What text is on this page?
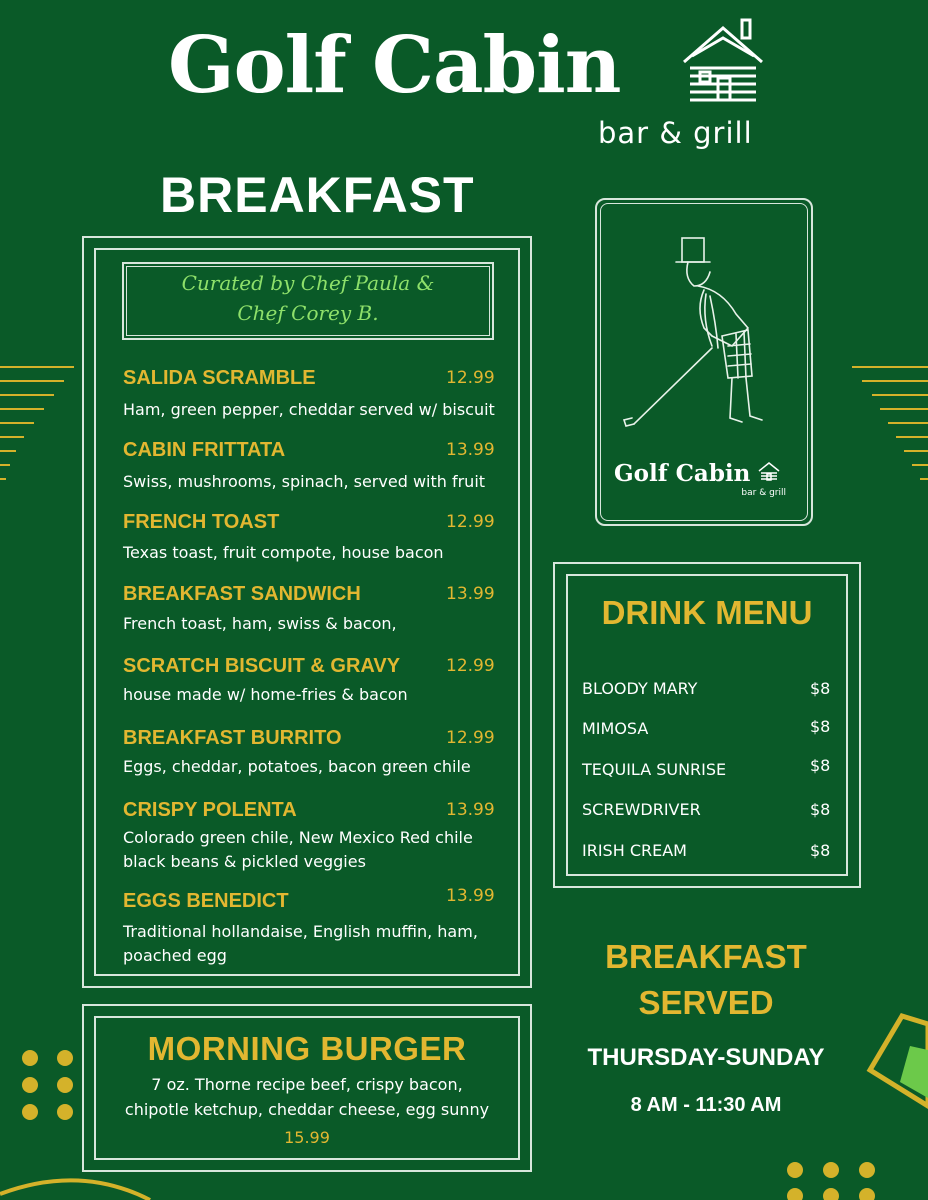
Golf Cabin
bar & grill
BREAKFAST
Curated by Chef Paula &
Chef Corey B.
SALIDA SCRAMBLE	12.99
Ham, green pepper, cheddar served w/ biscuit
CABIN FRITTATA	13.99
Swiss, mushrooms, spinach, served with fruit
FRENCH TOAST	12.99
Texas toast, fruit compote, house bacon
BREAKFAST SANDWICH	13.99
French toast, ham, swiss & bacon,
SCRATCH BISCUIT & GRAVY	12.99
house made w/ home-fries & bacon
BREAKFAST BURRITO	12.99
Eggs, cheddar, potatoes, bacon green chile
CRISPY POLENTA	13.99
Colorado green chile, New Mexico Red chile
black beans & pickled veggies
EGGS BENEDICT	13.99
Traditional hollandaise, English muffin, ham,
poached egg
MORNING BURGER
7 oz. Thorne recipe beef, crispy bacon,
chipotle ketchup, cheddar cheese, egg sunny
15.99
Golf Cabin
bar & grill
DRINK MENU
BLOODY MARY	$8
MIMOSA	$8
TEQUILA SUNRISE	$8
SCREWDRIVER	$8
IRISH CREAM	$8
BREAKFAST
SERVED
THURSDAY-SUNDAY
8 AM - 11:30 AM
